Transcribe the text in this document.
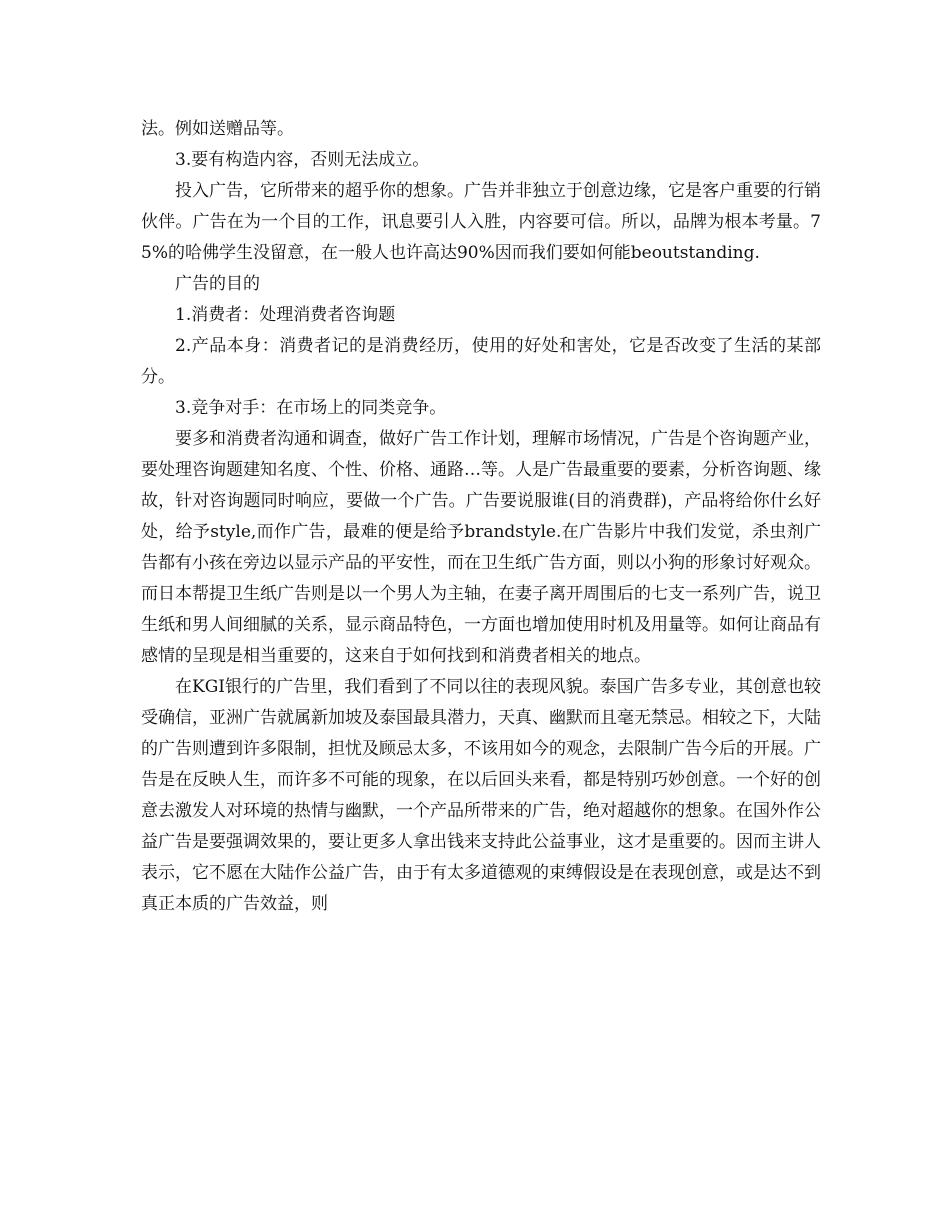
法。例如送赠品等。

3.要有构造内容，否则无法成立。

投入广告，它所带来的超乎你的想象。广告并非独立于创意边缘，它是客户重要的行销伙伴。广告在为一个目的工作，讯息要引人入胜，内容要可信。所以，品牌为根本考量。75%的哈佛学生没留意，在一般人也许高达90%因而我们要如何能beoutstanding.

广告的目的

1.消费者：处理消费者咨询题

2.产品本身：消费者记的是消费经历，使用的好处和害处，它是否改变了生活的某部分。

3.竞争对手：在市场上的同类竞争。

要多和消费者沟通和调查，做好广告工作计划，理解市场情况，广告是个咨询题产业，要处理咨询题建知名度、个性、价格、通路…等。人是广告最重要的要素，分析咨询题、缘故，针对咨询题同时响应，要做一个广告。广告要说服谁(目的消费群)，产品将给你什幺好处，给予style,而作广告，最难的便是给予brandstyle.在广告影片中我们发觉，杀虫剂广告都有小孩在旁边以显示产品的平安性，而在卫生纸广告方面，则以小狗的形象讨好观众。而日本帮提卫生纸广告则是以一个男人为主轴，在妻子离开周围后的七支一系列广告，说卫生纸和男人间细腻的关系，显示商品特色，一方面也增加使用时机及用量等。如何让商品有感情的呈现是相当重要的，这来自于如何找到和消费者相关的地点。

在KGI银行的广告里，我们看到了不同以往的表现风貌。泰国广告多专业，其创意也较受确信，亚洲广告就属新加坡及泰国最具潜力，天真、幽默而且毫无禁忌。相较之下，大陆的广告则遭到许多限制，担忧及顾忌太多，不该用如今的观念，去限制广告今后的开展。广告是在反映人生，而许多不可能的现象，在以后回头来看，都是特别巧妙创意。一个好的创意去激发人对环境的热情与幽默，一个产品所带来的广告，绝对超越你的想象。在国外作公益广告是要强调效果的，要让更多人拿出钱来支持此公益事业，这才是重要的。因而主讲人表示，它不愿在大陆作公益广告，由于有太多道德观的束缚假设是在表现创意，或是达不到真正本质的广告效益，则
